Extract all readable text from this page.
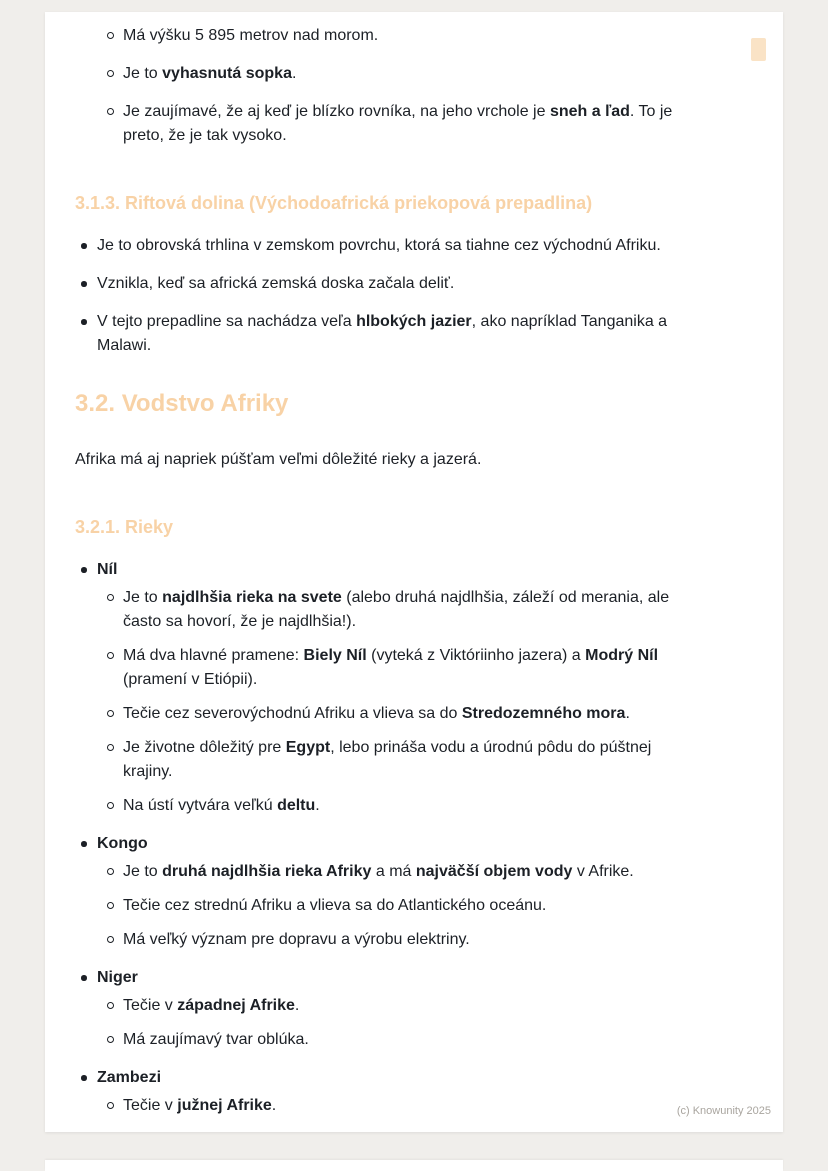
Má výšku 5 895 metrov nad morom.
Je to vyhasnutá sopka.
Je zaujímavé, že aj keď je blízko rovníka, na jeho vrchole je sneh a ľad. To je preto, že je tak vysoko.
3.1.3. Riftová dolina (Východoafrická priekopová prepadlina)
Je to obrovská trhlina v zemskom povrchu, ktorá sa tiahne cez východnú Afriku.
Vznikla, keď sa africká zemská doska začala deliť.
V tejto prepadline sa nachádza veľa hlbokých jazier, ako napríklad Tanganika a Malawi.
3.2. Vodstvo Afriky
Afrika má aj napriek púšťam veľmi dôležité rieky a jazerá.
3.2.1. Rieky
Níl
Je to najdlhšia rieka na svete (alebo druhá najdlhšia, záleží od merania, ale často sa hovorí, že je najdlhšia!).
Má dva hlavné pramene: Biely Níl (vyteká z Viktóriinho jazera) a Modrý Níl (pramení v Etiópii).
Tečie cez severovýchodnú Afriku a vlieva sa do Stredozemného mora.
Je životne dôležitý pre Egypt, lebo prináša vodu a úrodnú pôdu do púštnej krajiny.
Na ústí vytvára veľkú deltu.
Kongo
Je to druhá najdlhšia rieka Afriky a má najväčší objem vody v Afrike.
Tečie cez strednú Afriku a vlieva sa do Atlantického oceánu.
Má veľký význam pre dopravu a výrobu elektriny.
Niger
Tečie v západnej Afrike.
Má zaujímavý tvar oblúka.
Zambezi
Tečie v južnej Afrike.	(c) Knowunity 2025
